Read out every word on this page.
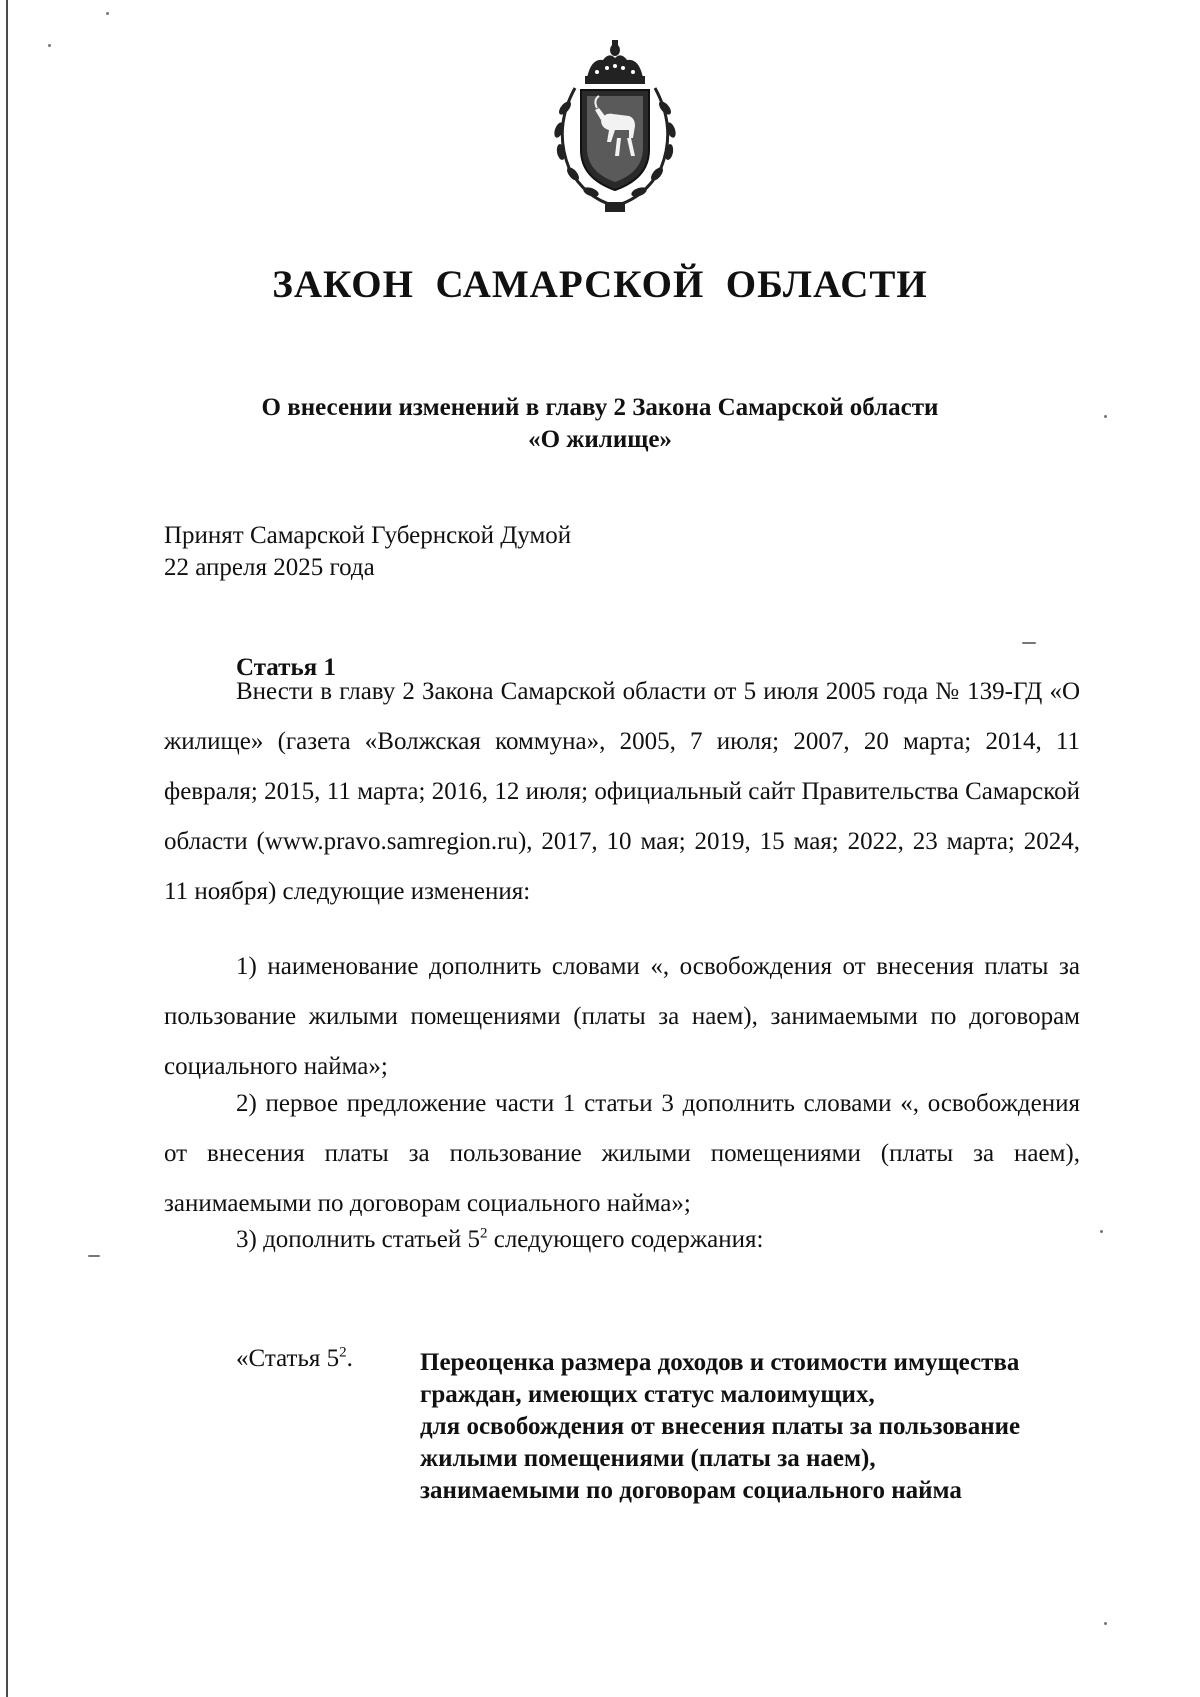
ЗАКОН  САМАРСКОЙ  ОБЛАСТИ
О внесении изменений в главу 2 Закона Самарской области
«О жилище»
Принят Самарской Губернской Думой
22 апреля 2025 года
Статья 1
Внести в главу 2 Закона Самарской области от 5 июля 2005 года № 139-ГД «О жилище» (газета «Волжская коммуна», 2005, 7 июля; 2007, 20 марта; 2014, 11 февраля; 2015, 11 марта; 2016, 12 июля; официальный сайт Правительства Самарской области (www.pravo.samregion.ru), 2017, 10 мая; 2019, 15 мая; 2022, 23 марта; 2024, 11 ноября) следующие изменения:
1) наименование дополнить словами «, освобождения от внесения платы за пользование жилыми помещениями (платы за наем), занимаемыми по договорам социального найма»;
2) первое предложение части 1 статьи 3 дополнить словами «, освобождения от внесения платы за пользование жилыми помещениями (платы за наем), занимаемыми по договорам социального найма»;
3) дополнить статьей $5^2$ следующего содержания:
«Статья $5^2$.	Переоценка размера доходов и стоимости имущества
граждан, имеющих статус малоимущих,
для освобождения от внесения платы за пользование
жилыми помещениями (платы за наем),
занимаемыми по договорам социального найма
